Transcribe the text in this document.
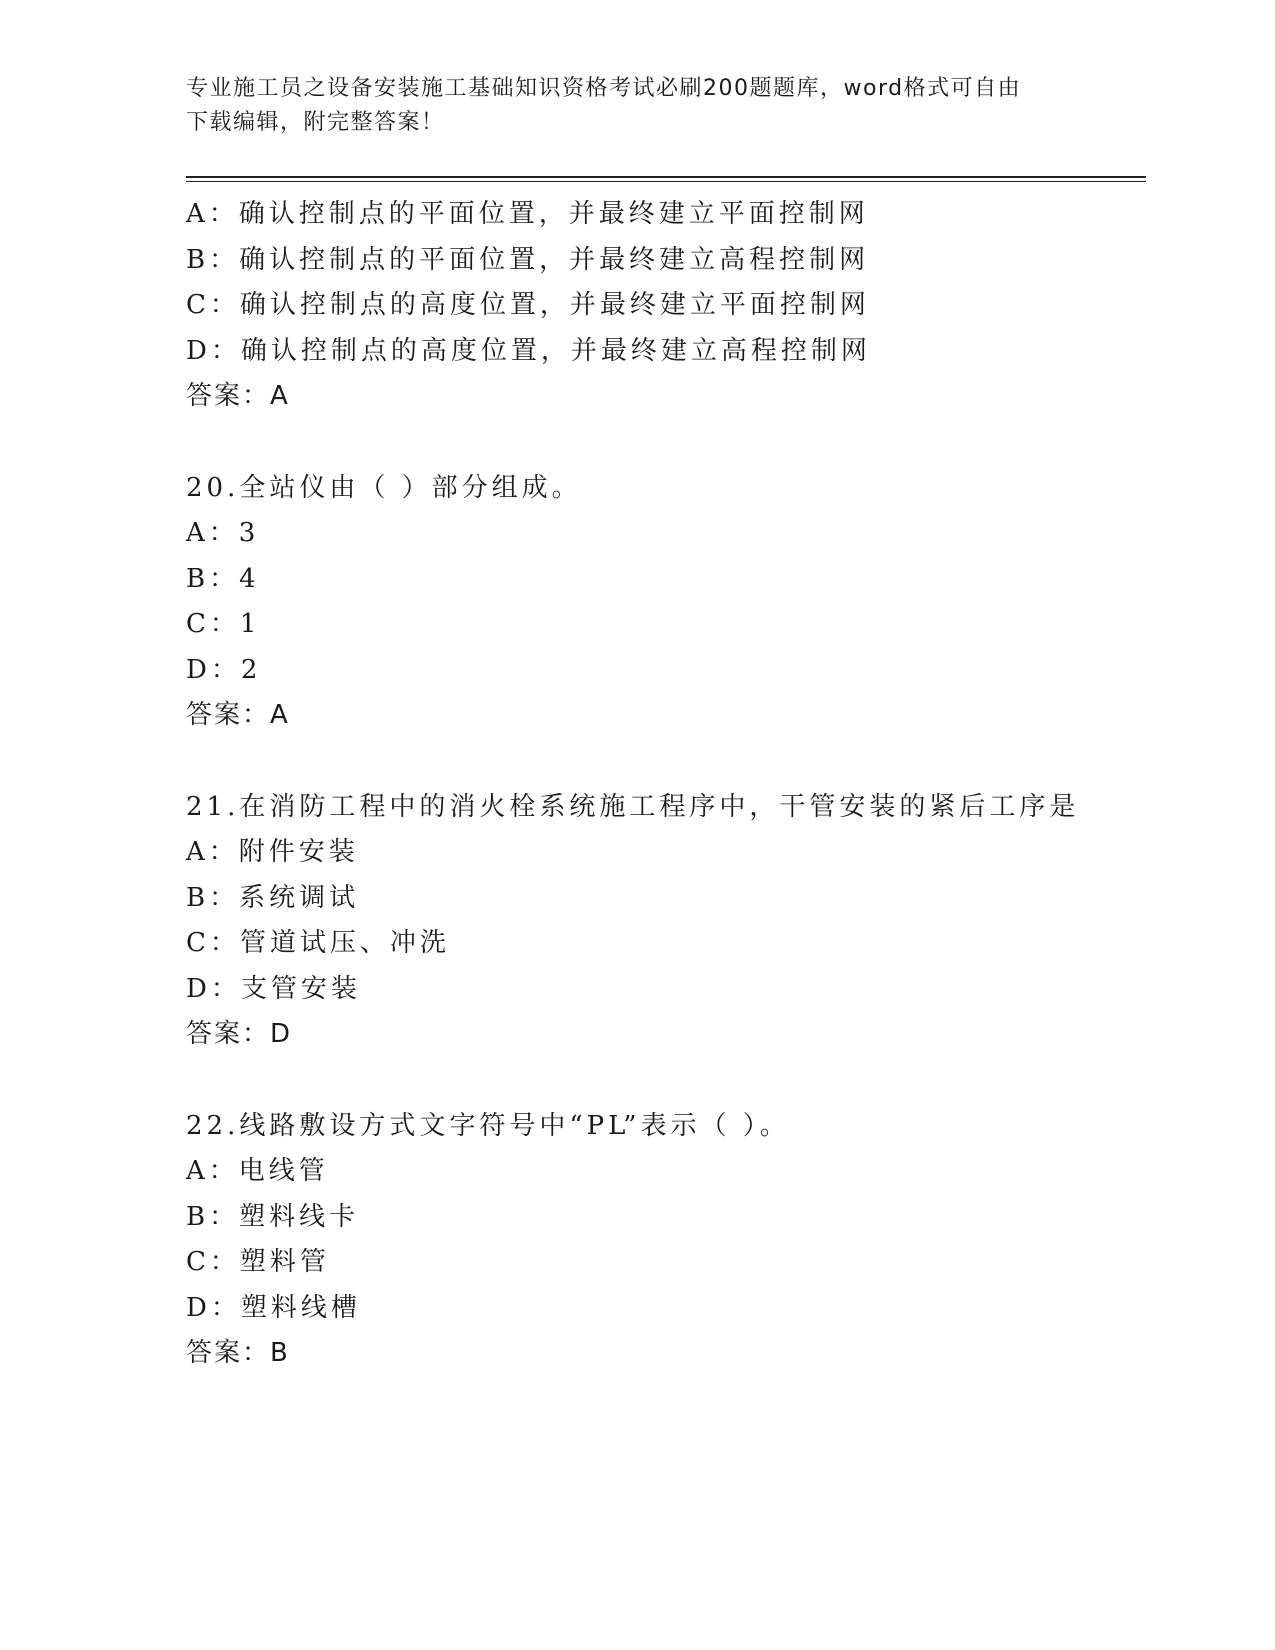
专业施工员之设备安装施工基础知识资格考试必刷200题题库，word格式可自由
下载编辑，附完整答案！
A：确认控制点的平面位置，并最终建立平面控制网
B：确认控制点的平面位置，并最终建立高程控制网
C：确认控制点的高度位置，并最终建立平面控制网
D：确认控制点的高度位置，并最终建立高程控制网
答案：A
20.全站仪由（ ）部分组成。
A：3
B：4
C：1
D：2
答案：A
21.在消防工程中的消火栓系统施工程序中，干管安装的紧后工序是
A：附件安装
B：系统调试
C：管道试压、冲洗
D：支管安装
答案：D
22.线路敷设方式文字符号中“PL”表示（ ）。
A：电线管
B：塑料线卡
C：塑料管
D：塑料线槽
答案：B
